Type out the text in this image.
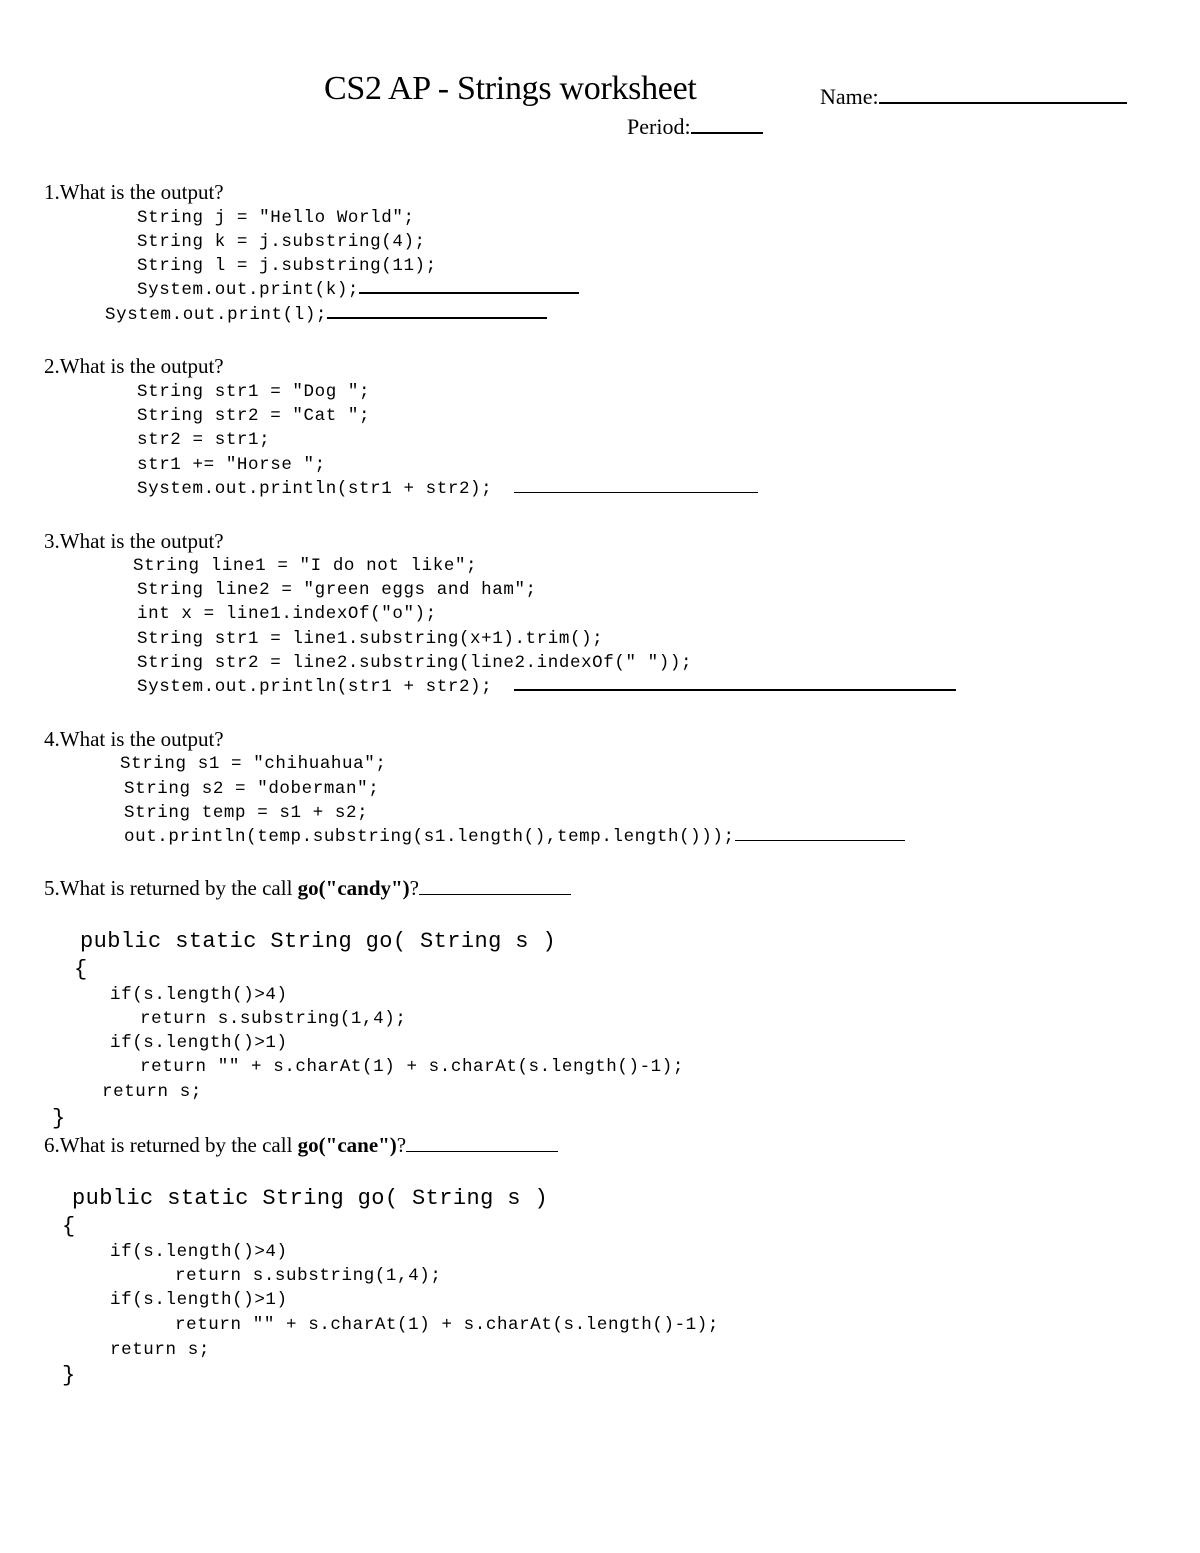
CS2 AP - Strings worksheet	Name:
Period:
1. What is the output?
String j = "Hello World";
String k = j.substring(4);
String l = j.substring(11);
System.out.print(k);
System.out.print(l);
2. What is the output?
String str1 = "Dog ";
String str2 = "Cat ";
str2 = str1;
str1 += "Horse ";
System.out.println(str1 + str2);
3. What is the output?
String line1 = "I do not like";
String line2 = "green eggs and ham";
int x = line1.indexOf("o");
String str1 = line1.substring(x+1).trim();
String str2 = line2.substring(line2.indexOf(" "));
System.out.println(str1 + str2);
4. What is the output?
String s1 = "chihuahua";
String s2 = "doberman";
String temp = s1 + s2;
out.println(temp.substring(s1.length(),temp.length()));
5. What is returned by the call go("candy") ?
public static String go( String s )
{
if(s.length()>4)
return s.substring(1,4);
if(s.length()>1)
return "" + s.charAt(1) + s.charAt(s.length()-1);
return s;
}
6. What is returned by the call go("cane") ?
public static String go( String s )
{
if(s.length()>4)
return s.substring(1,4);
if(s.length()>1)
return "" + s.charAt(1) + s.charAt(s.length()-1);
return s;
}
